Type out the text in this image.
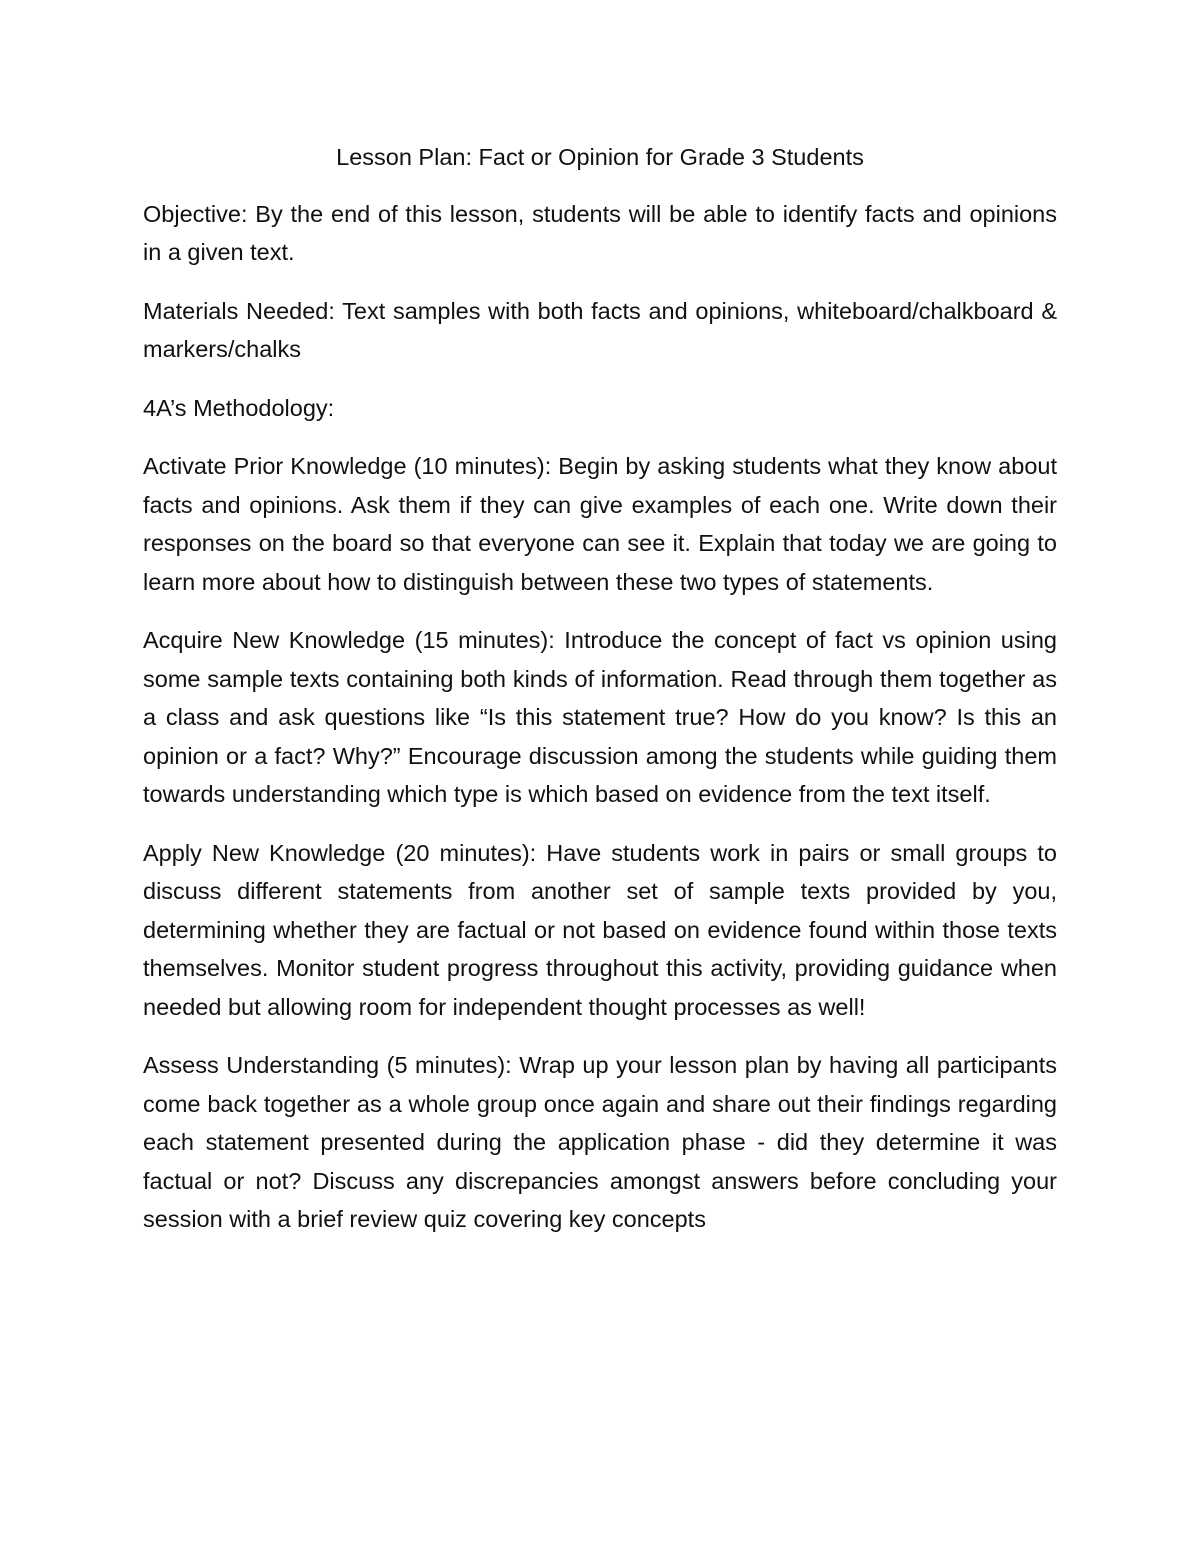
Lesson Plan: Fact or Opinion for Grade 3 Students

Objective: By the end of this lesson, students will be able to identify facts and opinions in a given text.

Materials Needed: Text samples with both facts and opinions, whiteboard/chalkboard & markers/chalks

4A’s Methodology:

Activate Prior Knowledge (10 minutes): Begin by asking students what they know about facts and opinions. Ask them if they can give examples of each one. Write down their responses on the board so that everyone can see it. Explain that today we are going to learn more about how to distinguish between these two types of statements.

Acquire New Knowledge (15 minutes): Introduce the concept of fact vs opinion using some sample texts containing both kinds of information. Read through them together as a class and ask questions like “Is this statement true? How do you know? Is this an opinion or a fact? Why?” Encourage discussion among the students while guiding them towards understanding which type is which based on evidence from the text itself.

Apply New Knowledge (20 minutes): Have students work in pairs or small groups to discuss different statements from another set of sample texts provided by you, determining whether they are factual or not based on evidence found within those texts themselves. Monitor student progress throughout this activity, providing guidance when needed but allowing room for independent thought processes as well!

Assess Understanding (5 minutes): Wrap up your lesson plan by having all participants come back together as a whole group once again and share out their findings regarding each statement presented during the application phase - did they determine it was factual or not? Discuss any discrepancies amongst answers before concluding your session with a brief review quiz covering key concepts
